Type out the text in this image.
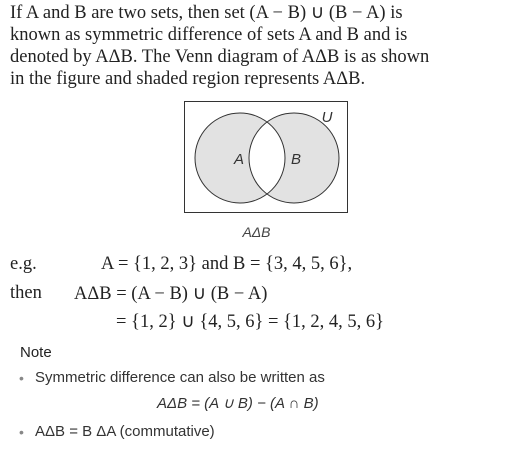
If A and B are two sets, then set (A − B) ∪ (B − A) is
known as symmetric difference of sets A and B and is
denoted by AΔB. The Venn diagram of AΔB is as shown
in the figure and shaded region represents AΔB.
A	B
U
AΔB
e.g.	A = {1, 2, 3} and B = {3, 4, 5, 6},
then AΔB = (A − B) ∪ (B − A)
= {1, 2} ∪ {4, 5, 6} = {1, 2, 4, 5, 6}
Note
• Symmetric difference can also be written as
AΔB = (A ∪ B) − (A ∩ B)
• AΔB = B ΔA (commutative)
